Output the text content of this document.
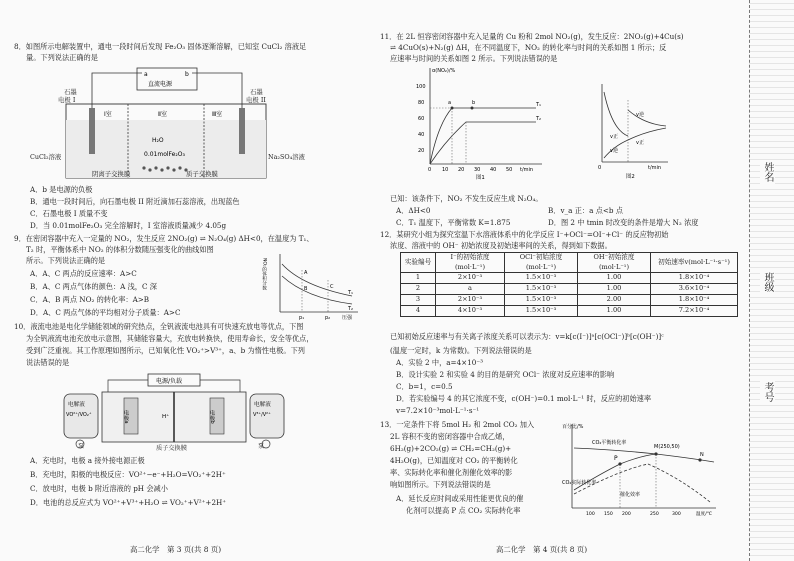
8．如图所示电解装置中，通电一段时间后发现 Fe₂O₃ 固体逐渐溶解，已知室 CuCl₂ 溶液足
量。下列说法正确的是
a	b
直流电源
Ⅰ室	Ⅱ室	Ⅲ室
H₂O
0.01molFe₂O₃
石墨
电极 I
石墨
电极 II
CuCl₂溶液	Na₂SO₄溶液
阴离子交换膜	质子交换膜
A．b 是电源的负极
B．通电一段时间后，向石墨电极 II 附近滴加石蕊溶液，出现蓝色
C．石墨电极 I 质量不变
D．当 0.01molFe₂O₃ 完全溶解时，I 室溶液质量减少 4.05g
9．在密闭容器中充入一定量的 NO₂，发生反应 2NO₂(g) ⇌ N₂O₄(g) ΔH<0，在温度为 T₁、
T₂ 时，平衡体系中 NO₂ 的体积分数随压强变化的曲线如图
所示。下列说法正确的是
A．A、C 两点的反应速率：A>C
B．A、C 两点气体的颜色：A 浅，C 深
C．A、B 两点 NO₂ 的转化率：A>B
D．A、C 两点气体的平均相对分子质量：A>C
A
B	C
T₁
T₂
p₁	p₂ 压强
NO₂的体积分数
10．液流电池是电化学储能领域的研究热点，全钒液流电池具有可快速充放电等优点，下图
为全钒液流电池充放电示意图，其储能容量大，充放电转换快，使用寿命长，安全等优点，
受到广泛重视。其工作原理如图所示，已知氧化性 VO₂⁺>V³⁺，a、b 为惰性电极。下列
说法错误的是
电源/负载
电解液
VO²⁺/VO₂⁺
电解液
V³⁺/V²⁺
电极a	电极b
H⁺
泵	泵
质子交换膜
A．充电时，电极 a 接外接电源正极
B．充电时，阳极的电极反应：VO²⁺−e⁻+H₂O=VO₂⁺+2H⁺
C．放电时，电极 b 附近溶液的 pH 会减小
D．电池的总反应式为 VO²⁺+V³⁺+H₂O ⇌ VO₂⁺+V²⁺+2H⁺
高二化学　第 3 页(共 8 页)
11．在 2L 恒容密闭容器中充入足量的 Cu 粉和 2mol NO₂(g)，发生反应：2NO₂(g)+4Cu(s)
⇌ 4CuO(s)+N₂(g) ΔH，在不同温度下，NO₂ 的转化率与时间的关系如图 1 所示；反
应速率与时间的关系如图 2 所示。下列说法错误的是
α(NO₂)/%
100
80
60
40
20
0 10 20 30 40 50 t/min
a	b	T₁
T₂
图1
v正
v逆
v逆
v正
0	t/min
图2
已知：该条件下，NO₂ 不发生反应生成 N₂O₄。
A．ΔH<0	B．v_a 正：a 点<b 点
C．T₁ 温度下，平衡常数 K=1.875	D．图 2 中 tmin 时改变的条件是增大 N₂ 浓度
12．某研究小组为探究室温下水溶液体系中的化学反应 I⁻+OCl⁻=OI⁻+Cl⁻ 的反应物初始
浓度、溶液中的 OH⁻ 初始浓度及初始速率间的关系，得到如下数据。
实验编号	I⁻的初始浓度(mol·L⁻¹)	OCl⁻初始浓度(mol·L⁻¹)	OH⁻初始浓度(mol·L⁻¹)	初始速率v(mol·L⁻¹·s⁻¹)
1	2×10⁻³	1.5×10⁻³	1.00	1.8×10⁻⁴
2	a	1.5×10⁻³	1.00	3.6×10⁻⁴
3	2×10⁻³	1.5×10⁻³	2.00	1.8×10⁻⁴
4	4×10⁻³	1.5×10⁻³	1.00	7.2×10⁻⁴
已知初始反应速率与有关离子浓度关系可以表示为：v=k[c(I⁻)]ᵃ[c(OCl⁻)]ᵇ[c(OH⁻)]ᶜ
(温度一定时，k 为常数)。下列说法错误的是
A．实验 2 中，a=4×10⁻³
B．设计实验 2 和实验 4 的目的是研究 OCl⁻ 浓度对反应速率的影响
C．b=1，c=0.5
D．若实验编号 4 的其它浓度不变，c(OH⁻)=0.1 mol·L⁻¹ 时，反应的初始速率
v=7.2×10⁻³mol·L⁻¹·s⁻¹
13．一定条件下将 5mol H₂ 和 2mol CO₂ 加入
2L 容积不变的密闭容器中合成乙烯，
6H₂(g)+2CO₂(g) ⇌ CH₂=CH₂(g)+
4H₂O(g)，已知温度对 CO₂ 的平衡转化
率、实际转化率和催化剂催化效率的影
响如图所示。下列说法错误的是
A．延长反应时间或采用性能更优良的催
化剂可以提高 P 点 CO₂ 实际转化率
百分比/%
P
M(250,50)
N
CO₂平衡转化率
CO₂实际转化率
催化效率
100 150 200	250	300	温度/℃
高二化学　第 4 页(共 8 页)
姓名
班级
考号
